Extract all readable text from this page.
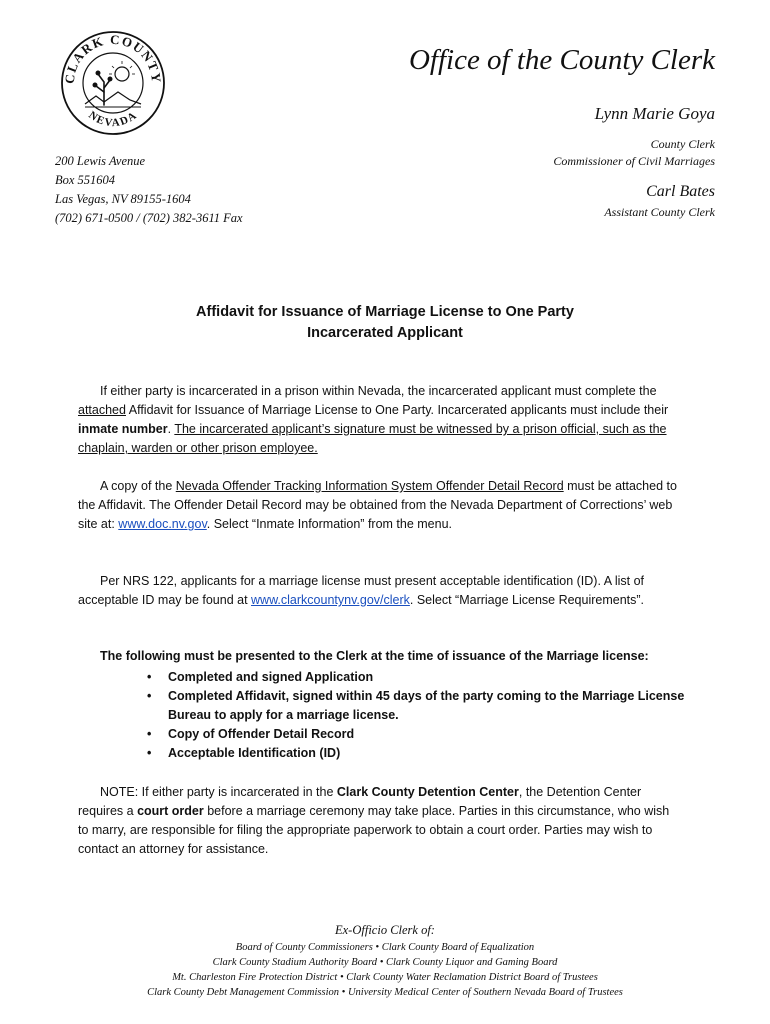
CLARK COUNTY
NEVADA
Office of the County Clerk
Lynn Marie Goya
County Clerk
Commissioner of Civil Marriages
Carl Bates
Assistant County Clerk
200 Lewis Avenue
Box 551604
Las Vegas, NV 89155-1604
(702) 671-0500 / (702) 382-3611 Fax
Affidavit for Issuance of Marriage License to One Party
Incarcerated Applicant

If either party is incarcerated in a prison within Nevada, the incarcerated applicant must complete the attached Affidavit for Issuance of Marriage License to One Party. Incarcerated applicants must include their inmate number. The incarcerated applicant’s signature must be witnessed by a prison official, such as the chaplain, warden or other prison employee.

A copy of the Nevada Offender Tracking Information System Offender Detail Record must be attached to the Affidavit. The Offender Detail Record may be obtained from the Nevada Department of Corrections’ web site at: www.doc.nv.gov. Select “Inmate Information” from the menu.

Per NRS 122, applicants for a marriage license must present acceptable identification (ID). A list of acceptable ID may be found at www.clarkcountynv.gov/clerk. Select “Marriage License Requirements”.

The following must be presented to the Clerk at the time of issuance of the Marriage license:

• Completed and signed Application
• Completed Affidavit, signed within 45 days of the party coming to the Marriage License Bureau to apply for a marriage license.
• Copy of Offender Detail Record
• Acceptable Identification (ID)

NOTE: If either party is incarcerated in the Clark County Detention Center, the Detention Center requires a court order before a marriage ceremony may take place. Parties in this circumstance, who wish to marry, are responsible for filing the appropriate paperwork to obtain a court order. Parties may wish to contact an attorney for assistance.

Ex-Officio Clerk of:
Board of County Commissioners • Clark County Board of Equalization
Clark County Stadium Authority Board • Clark County Liquor and Gaming Board
Mt. Charleston Fire Protection District • Clark County Water Reclamation District Board of Trustees
Clark County Debt Management Commission • University Medical Center of Southern Nevada Board of Trustees
